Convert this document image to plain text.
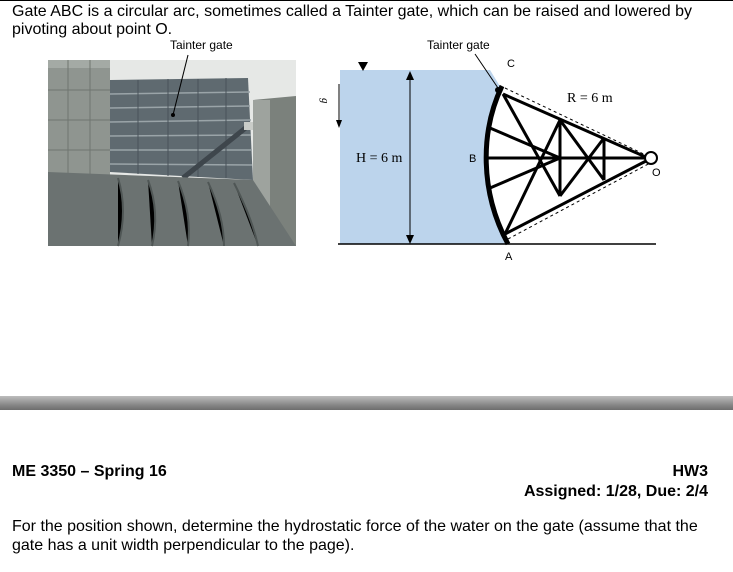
Gate ABC is a circular arc, sometimes called a Tainter gate, which can be raised and lowered by pivoting about point O.
Tainter gate
g
Tainter gate
C
B
A
O
R = 6 m
H = 6 m
ME 3350 – Spring 16	HW3
Assigned: 1/28, Due: 2/4
For the position shown, determine the hydrostatic force of the water on the gate (assume that the gate has a unit width perpendicular to the page).
